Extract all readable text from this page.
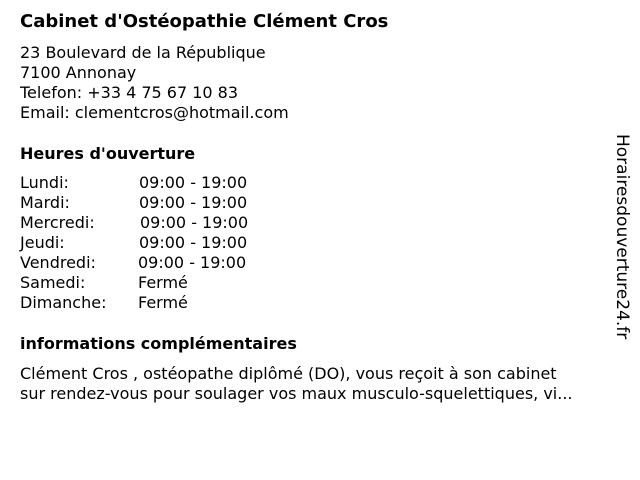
Cabinet d'Ostéopathie Clément Cros
23 Boulevard de la République
7100 Annonay
Telefon: +33 4 75 67 10 83
Email: clementcros@hotmail.com
Heures d'ouverture
Lundi:	09:00 - 19:00
Mardi:	09:00 - 19:00
Mercredi:	09:00 - 19:00
Jeudi:	09:00 - 19:00
Vendredi:	09:00 - 19:00
Samedi:	Fermé
Dimanche: Fermé
informations complémentaires
Clément Cros , ostéopathe diplômé (DO), vous reçoit à son cabinet
sur rendez-vous pour soulager vos maux musculo-squelettiques, vi...
Horairesdouverture24.fr
